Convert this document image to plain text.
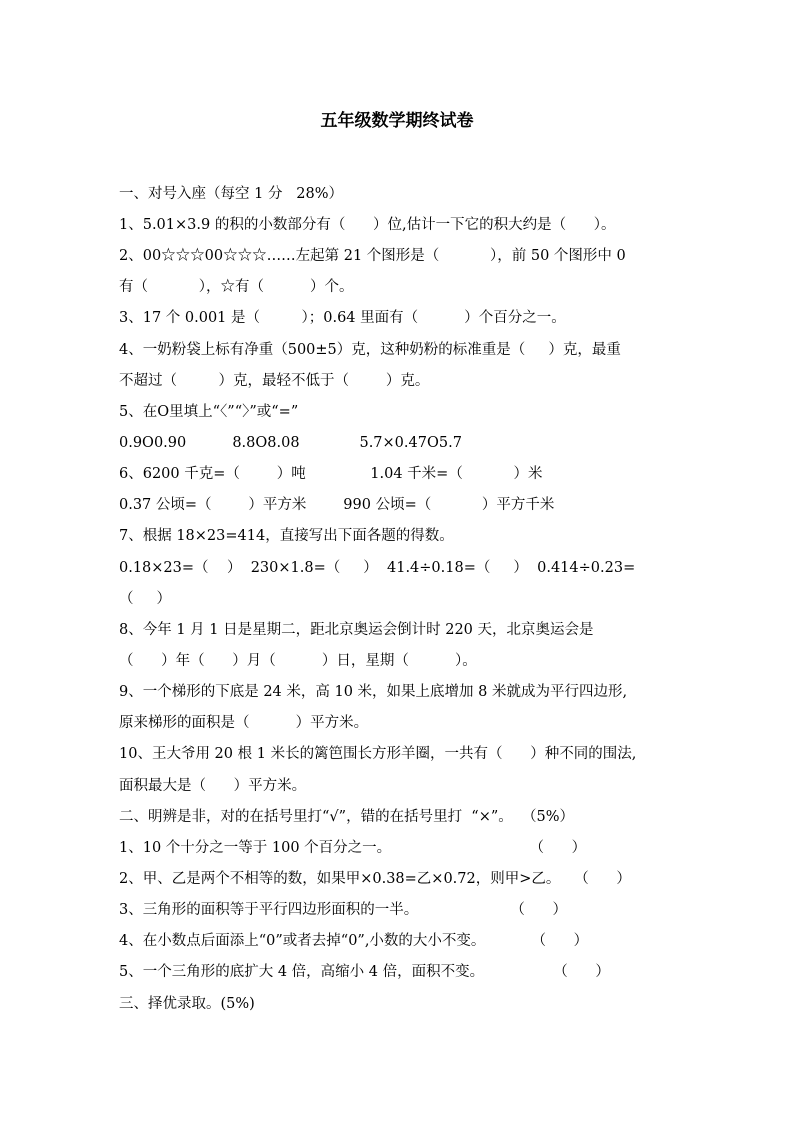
五年级数学期终试卷
一、对号入座（每空 1 分   28%）
1、5.01×3.9 的积的小数部分有（      ）位,估计一下它的积大约是（      ）。
2、00☆☆☆00☆☆☆……左起第 21 个图形是（           ），前 50 个图形中 0
有（           ），☆有（          ）个。
3、17 个 0.001 是（         ）；0.64 里面有（          ）个百分之一。
4、一奶粉袋上标有净重（500±5）克，这种奶粉的标准重是（     ）克，最重
不超过（         ）克，最轻不低于（        ）克。
5、在O里填上“〈”“〉”或“=”
0.9O0.90          8.8O8.08             5.7×0.47O5.7
6、6200 千克=（        ）吨              1.04 千米=（           ）米
0.37 公顷=（        ）平方米        990 公顷=（           ）平方千米
7、根据 18×23=414，直接写出下面各题的得数。
0.18×23=（    ）  230×1.8=（     ）  41.4÷0.18=（     ）  0.414÷0.23=
（     ）
8、今年 1 月 1 日是星期二，距北京奥运会倒计时 220 天，北京奥运会是
（      ）年（      ）月（          ）日，星期（          ）。
9、一个梯形的下底是 24 米，高 10 米，如果上底增加 8 米就成为平行四边形,
原来梯形的面积是（          ）平方米。
10、王大爷用 20 根 1 米长的篱笆围长方形羊圈，一共有（      ）种不同的围法,
面积最大是（      ）平方米。
二、明辨是非，对的在括号里打“√”，错的在括号里打  “×”。  （5%）
1、10 个十分之一等于 100 个百分之一。                              （      ）
2、甲、乙是两个不相等的数，如果甲×0.38=乙×0.72，则甲>乙。   （      ）
3、三角形的面积等于平行四边形面积的一半。                    （      ）
4、在小数点后面添上“0”或者去掉“0”,小数的大小不变。          （      ）
5、一个三角形的底扩大 4 倍，高缩小 4 倍，面积不变。               （      ）
三、择优录取。(5%)
